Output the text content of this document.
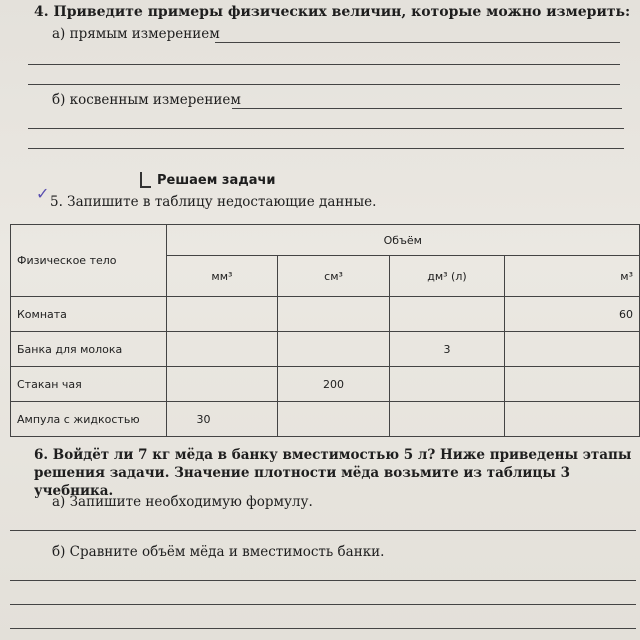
4. Приведите примеры физических величин, которые можно измерить:
а) прямым измерением
б) косвенным измерением
Решаем задачи
✓ 5. Запишите в таблицу недостающие данные.
Физическое тело	Объём			
	мм³	см³	дм³ (л)	м³
Комната				60
Банка для молока			3	
Стакан чая		200		
Ампула с жидкостью	30			
6. Войдёт ли 7 кг мёда в банку вместимостью 5 л? Ниже приведены этапы решения задачи. Значение плотности мёда возьмите из таблицы 3 учебника.
а) Запишите необходимую формулу.
б) Сравните объём мёда и вместимость банки.
